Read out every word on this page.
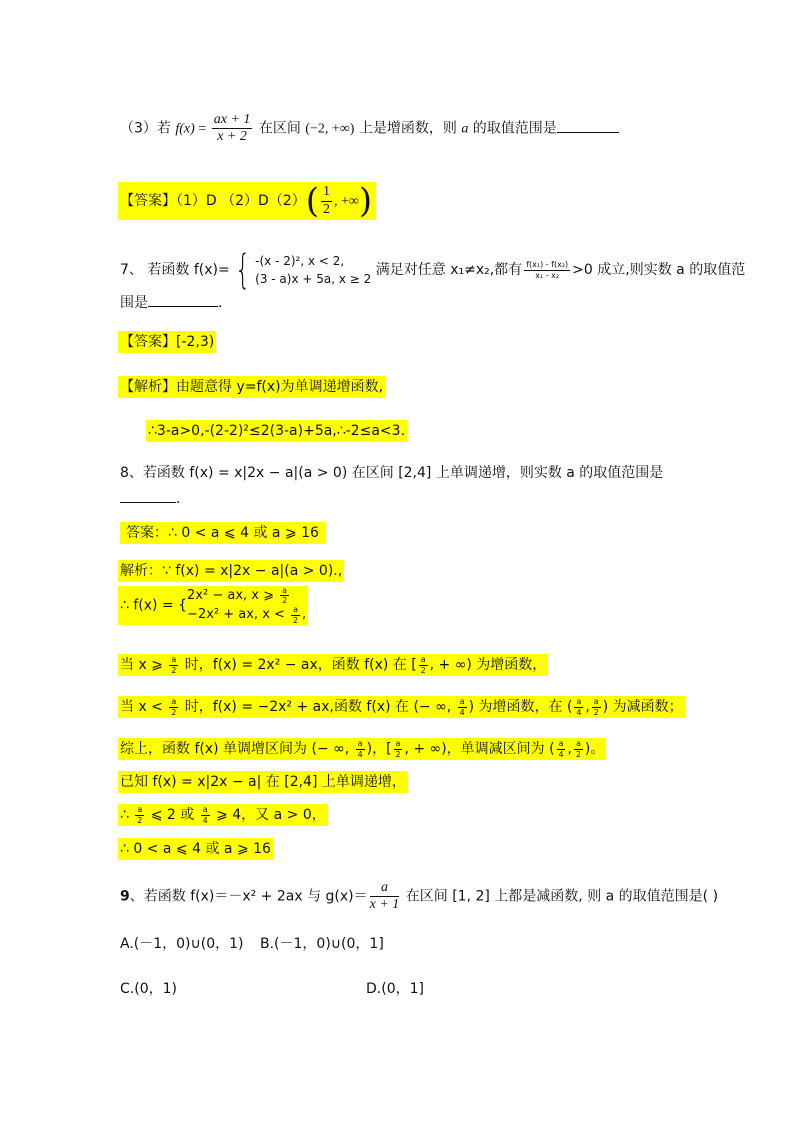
（3）若 $f(x) = \frac{ax + 1}{x + 2}$ 在区间 (−2, +∞) 上是增函数，则 a 的取值范围是
【答案】（1）D $(2)D(2)( \frac{1}{2}$ , +∞)
7、 若函数 f(x)= { -(x - 2)², x < 2,
(3 - a)x + 5a, x ≥ 2
满足对任意 x₁≠x₂,都有 $\frac{\text{f(x₁) - f(x₂)}}{\text{x₁ - x₂}} >0$ 成立,则实数 a 的取值范
围是	.
【答案】[-2,3)
【解析】由题意得 y=f(x)为单调递增函数,
∴3-a>0,-(2-2)²≤2(3-a)+5a,∴-2≤a<3.
8、若函数 f(x) = x|2x − a|(a > 0) 在区间 [2,4] 上单调递增，则实数 a 的取值范围是
.
答案：∴ 0 < a ⩽ 4 或 a ⩾ 16
解析：∵ f(x) = x|2x − a|(a > 0).,
∴ f(x) = {
2x² − ax, x ⩾ $\frac{a}{2}$
−2x² + ax, $x < \frac{a}{2}$ ,
当 x ⩾ $\frac{a}{2}$ 时，f(x) = 2x² − ax，函数 f(x) 在 [ $\frac{a}{2}$ , + ∞) 为增函数，
当 $x < \frac{a}{2}$ 时，f(x) = −2x² + ax,函数 f(x) 在 (− ∞, $\frac{a}{4}$ ) 为增函数，在 ( $\frac{a}{4}$ , $\frac{a}{2}$ ) 为减函数；
综上，函数 f(x) 单调增区间为 (− ∞, $\frac{a}{4}$ )，[ $\frac{a}{2}$ , + ∞)，单调减区间为 ( $\frac{a}{4}$ , $\frac{a}{2}$ )。
已知 f(x) = x|2x − a| 在 [2,4] 上单调递增，
∴ $\frac{a}{2}$ ⩽ 2 或 $\frac{a}{4}$ ⩾ 4，又 a > 0，
∴ 0 < a ⩽ 4 或 a ⩾ 16
9、若函数 f(x)＝－x² + 2ax 与 $g(x)= \frac{a}{x + 1}$ 在区间 [1, 2] 上都是减函数, 则 a 的取值范围是( )
A.(－1，0)∪(0，1) B.(－1，0)∪(0，1]
C.(0，1)	D.(0，1]
